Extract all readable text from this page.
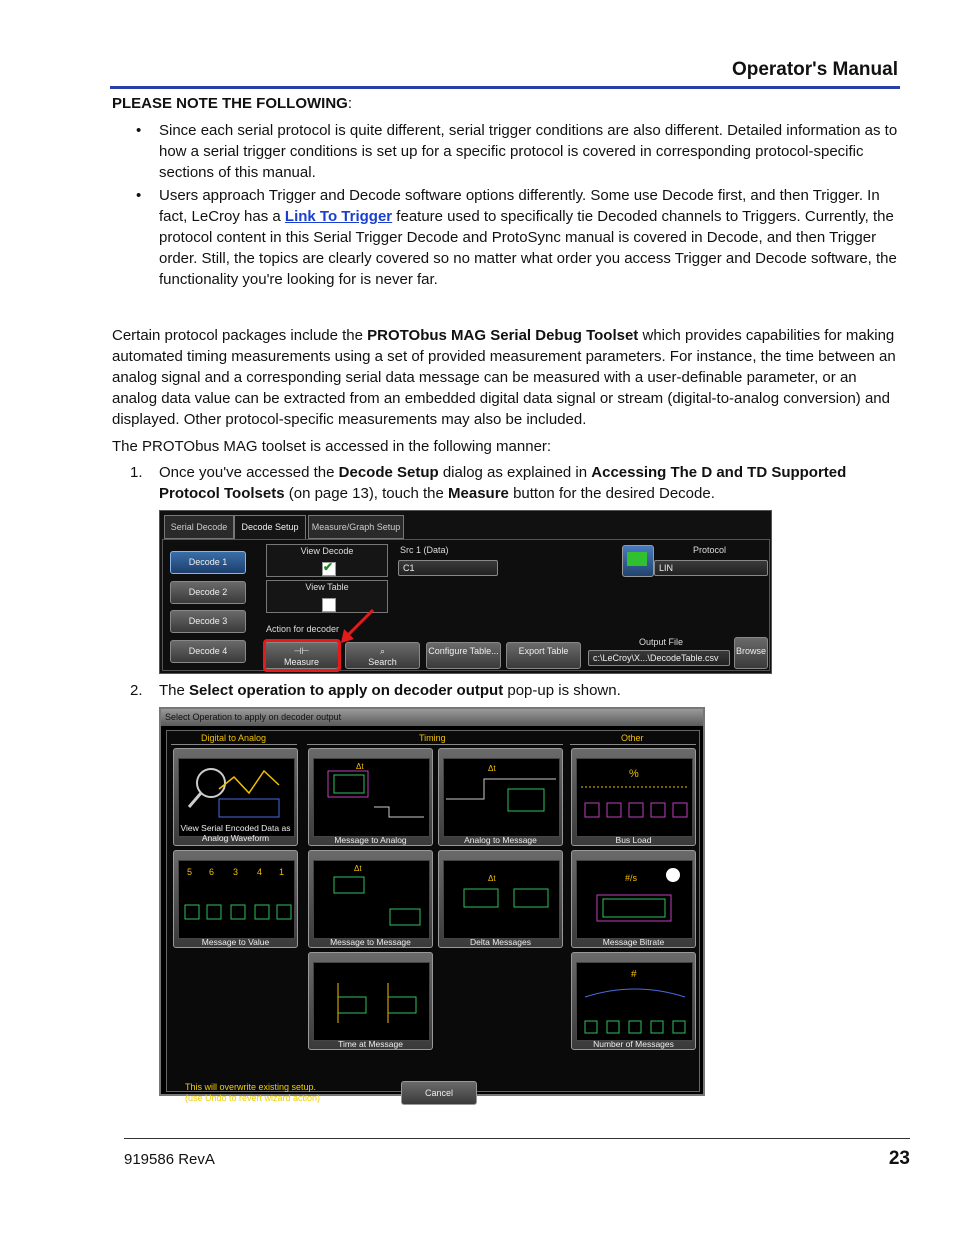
Operator's Manual
PLEASE NOTE THE FOLLOWING:
• Since each serial protocol is quite different, serial trigger conditions are also different. Detailed information as to how a serial trigger conditions is set up for a specific protocol is covered in corresponding protocol-specific sections of this manual.
• Users approach Trigger and Decode software options differently. Some use Decode first, and then Trigger. In fact, LeCroy has a Link To Trigger feature used to specifically tie Decoded channels to Triggers. Currently, the protocol content in this Serial Trigger Decode and ProtoSync manual is covered in Decode, and then Trigger order. Still, the topics are clearly covered so no matter what order you access Trigger and Decode software, the functionality you're looking for is never far.
Certain protocol packages include the PROTObus MAG Serial Debug Toolset which provides capabilities for making automated timing measurements using a set of provided measurement parameters. For instance, the time between an analog signal and a corresponding serial data message can be measured with a user-definable parameter, or an analog data value can be extracted from an embedded digital data signal or stream (digital-to-analog conversion) and displayed. Other protocol-specific measurements may also be included.
The PROTObus MAG toolset is accessed in the following manner:
1. Once you've accessed the Decode Setup dialog as explained in Accessing The D and TD Supported Protocol Toolsets (on page 13), touch the Measure button for the desired Decode.
Serial Decode	Decode Setup	Measure/Graph Setup
Decode 1
Decode 2
Decode 3
Decode 4
View Decode
✔
View Table
Src 1 (Data)
C1
Protocol
LIN
Action for decoder
Output File
⊣⊢
Measure
⌕
Search
Configure Table...	Export Table
c:\LeCroy\X...\DecodeTable.csv
Browse
2. The Select operation to apply on decoder output pop-up is shown.
Select Operation to apply on decoder output
Digital to Analog	Timing	Other
View Serial Encoded Data as Analog Waveform
Δt
Message to Analog
Δt
Analog to Message
%
Bus Load
5 6 3 4 1
Message to Value
Δt
Message to Message
Δt
Delta Messages
#/s
Message Bitrate
Time at Message
#
Number of Messages
This will overwrite existing setup.
(use Undo to revert wizard action)	Cancel
919586 RevA	23
